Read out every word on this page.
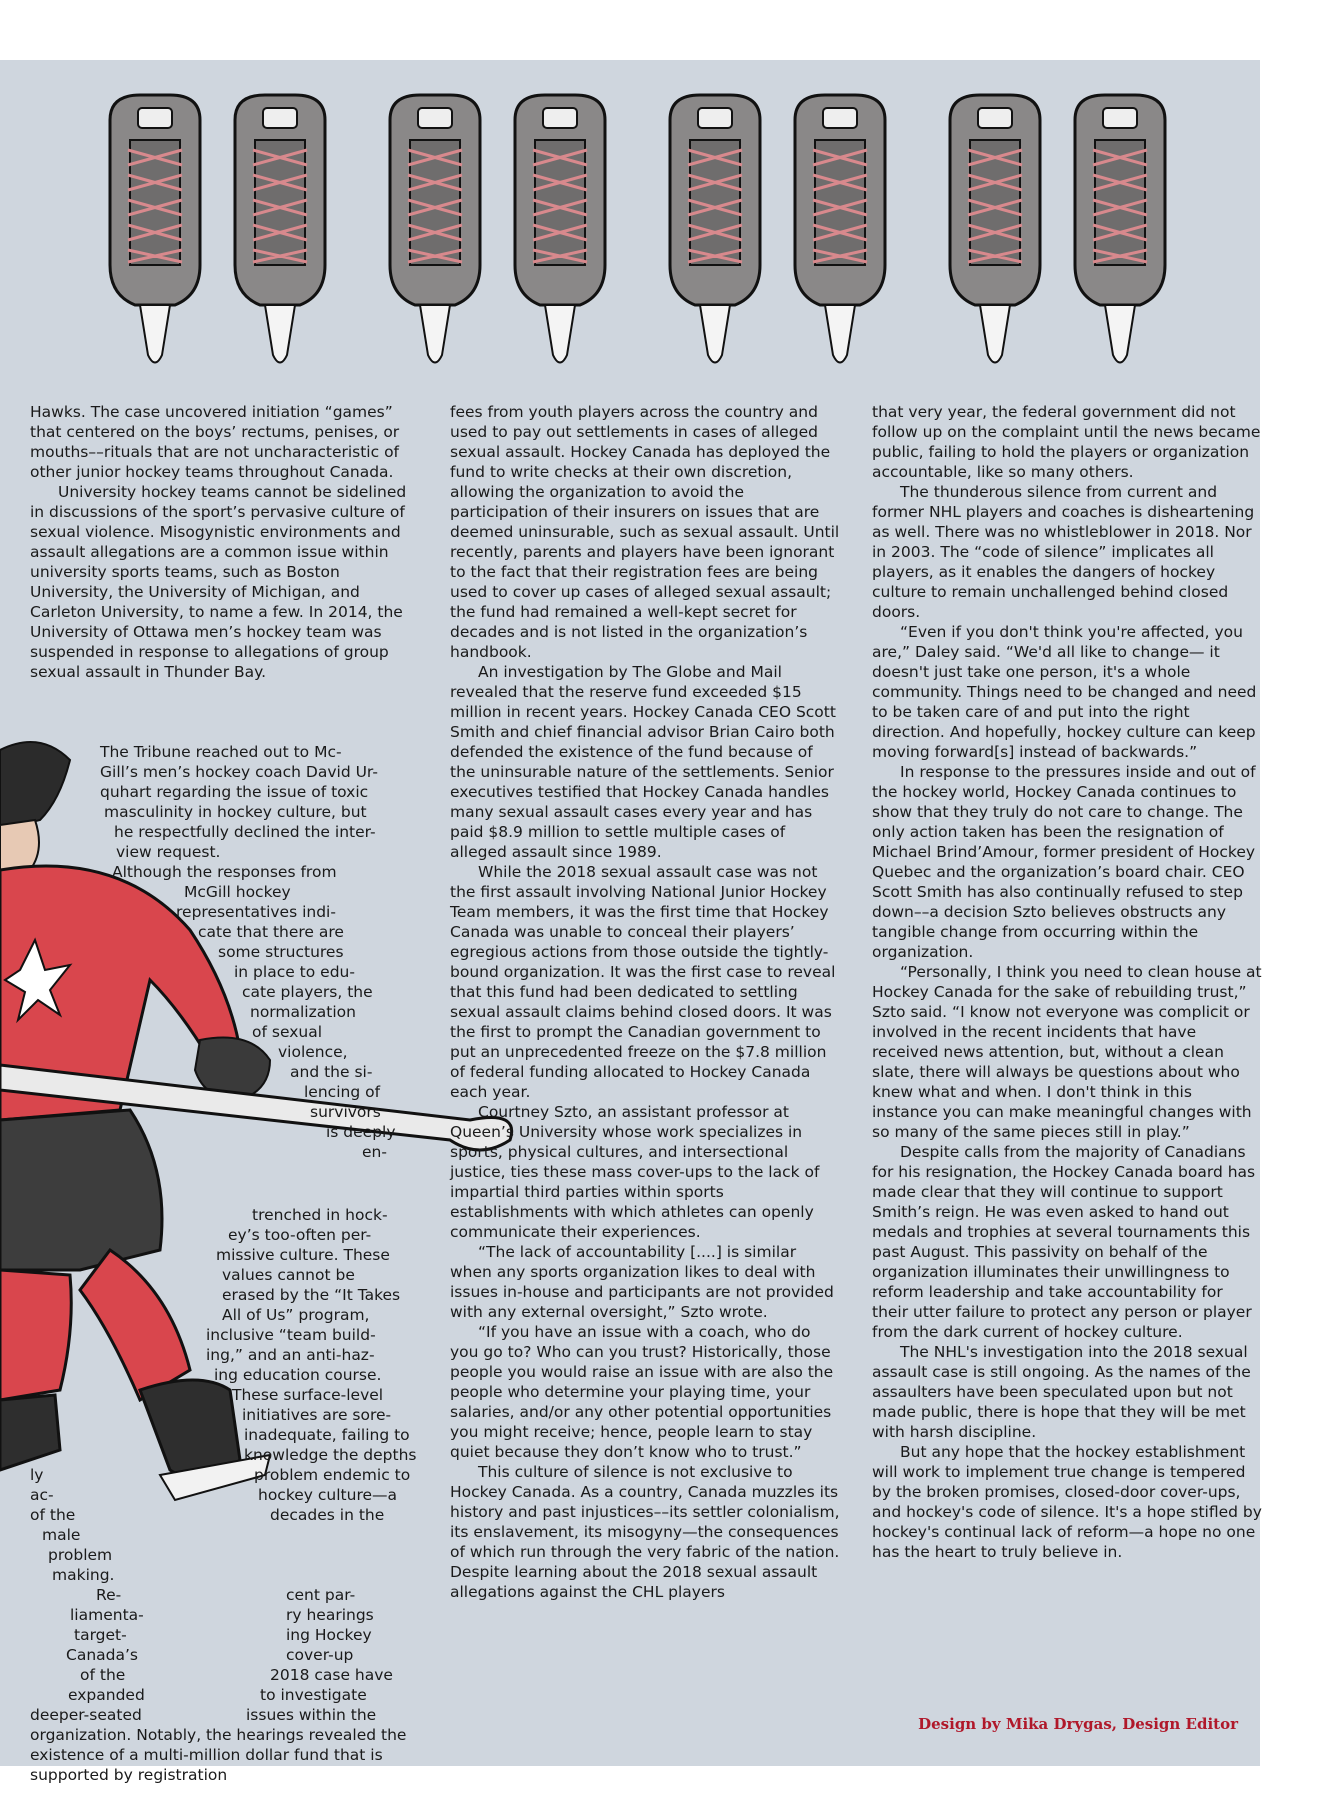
Hawks. The case uncovered initiation “games” that centered on the boys’ rectums, penises, or mouths––rituals that are not uncharacteristic of other junior hockey teams throughout Canada.

University hockey teams cannot be sidelined in discussions of the sport’s pervasive culture of sexual violence. Misogynistic environments and assault allegations are a common issue within university sports teams, such as Boston University, the University of Michigan, and Carleton University, to name a few. In 2014, the University of Ottawa men’s hockey team was suspended in response to allegations of group sexual assault in Thunder Bay.

The Tribune reached out to Mc-

Gill’s men’s hockey coach David Ur-

quhart regarding the issue of toxic

masculinity in hockey culture, but

he respectfully declined the inter-

view request.

Although the responses from

McGill hockey

representatives indi-

cate that there are

some structures

in place to edu-

cate players, the

normalization

of sexual

violence,

and the si-

lencing of

survivors

is deeply

en-

trenched in hock-

ey’s too-often per-

missive culture. These

values cannot be

erased by the “It Takes

All of Us” program,

inclusive “team build-

ing,” and an anti-haz-

ing education course.

These surface-level

initiatives are sore-

inadequate, failing to

knowledge the depths

problem endemic to

hockey culture—a

decades in the

ly
ac-
of the
male
problem
making.
Re-	cent par-
liamenta-	ry hearings
target-	ing Hockey
Canada’s	cover-up
of the	2018 case have
expanded	to investigate
deeper-seated	issues within the

organization. Notably, the hearings revealed the existence of a multi-million dollar fund that is supported by registration

fees from youth players across the country and used to pay out settlements in cases of alleged sexual assault. Hockey Canada has deployed the fund to write checks at their own discretion, allowing the organization to avoid the participation of their insurers on issues that are deemed uninsurable, such as sexual assault. Until recently, parents and players have been ignorant to the fact that their registration fees are being used to cover up cases of alleged sexual assault; the fund had remained a well-kept secret for decades and is not listed in the organization’s handbook.

An investigation by The Globe and Mail revealed that the reserve fund exceeded $15 million in recent years. Hockey Canada CEO Scott Smith and chief financial advisor Brian Cairo both defended the existence of the fund because of the uninsurable nature of the settlements. Senior executives testified that Hockey Canada handles many sexual assault cases every year and has paid $8.9 million to settle multiple cases of alleged assault since 1989.

While the 2018 sexual assault case was not the first assault involving National Junior Hockey Team members, it was the first time that Hockey Canada was unable to conceal their players’ egregious actions from those outside the tightly-bound organization. It was the first case to reveal that this fund had been dedicated to settling sexual assault claims behind closed doors. It was the first to prompt the Canadian government to put an unprecedented freeze on the $7.8 million of federal funding allocated to Hockey Canada each year.

Courtney Szto, an assistant professor at Queen’s University whose work specializes in sports, physical cultures, and intersectional justice, ties these mass cover-ups to the lack of impartial third parties within sports establishments with which athletes can openly communicate their experiences.

“The lack of accountability [....] is similar when any sports organization likes to deal with issues in-house and participants are not provided with any external oversight,” Szto wrote.

“If you have an issue with a coach, who do you go to? Who can you trust? Historically, those people you would raise an issue with are also the people who determine your playing time, your salaries, and/or any other potential opportunities you might receive; hence, people learn to stay quiet because they don’t know who to trust.”

This culture of silence is not exclusive to Hockey Canada. As a country, Canada muzzles its history and past injustices––its settler colonialism, its enslavement, its misogyny—the consequences of which run through the very fabric of the nation. Despite learning about the 2018 sexual assault allegations against the CHL players

that very year, the federal government did not follow up on the complaint until the news became public, failing to hold the players or organization accountable, like so many others.

The thunderous silence from current and former NHL players and coaches is disheartening as well. There was no whistleblower in 2018. Nor in 2003. The “code of silence” implicates all players, as it enables the dangers of hockey culture to remain unchallenged behind closed doors.

“Even if you don't think you're affected, you are,” Daley said. “We'd all like to change— it doesn't just take one person, it's a whole community. Things need to be changed and need to be taken care of and put into the right direction. And hopefully, hockey culture can keep moving forward[s] instead of backwards.”

In response to the pressures inside and out of the hockey world, Hockey Canada continues to show that they truly do not care to change. The only action taken has been the resignation of Michael Brind’Amour, former president of Hockey Quebec and the organization’s board chair. CEO Scott Smith has also continually refused to step down––a decision Szto believes obstructs any tangible change from occurring within the organization.

“Personally, I think you need to clean house at Hockey Canada for the sake of rebuilding trust,” Szto said. “I know not everyone was complicit or involved in the recent incidents that have received news attention, but, without a clean slate, there will always be questions about who knew what and when. I don't think in this instance you can make meaningful changes with so many of the same pieces still in play.”

Despite calls from the majority of Canadians for his resignation, the Hockey Canada board has made clear that they will continue to support Smith’s reign. He was even asked to hand out medals and trophies at several tournaments this past August. This passivity on behalf of the organization illuminates their unwillingness to reform leadership and take accountability for their utter failure to protect any person or player from the dark current of hockey culture.

The NHL's investigation into the 2018 sexual assault case is still ongoing. As the names of the assaulters have been speculated upon but not made public, there is hope that they will be met with harsh discipline.

But any hope that the hockey establishment will work to implement true change is tempered by the broken promises, closed-door cover-ups, and hockey's code of silence. It's a hope stifled by hockey's continual lack of reform—a hope no one has the heart to truly believe in.

Design by Mika Drygas, Design Editor
